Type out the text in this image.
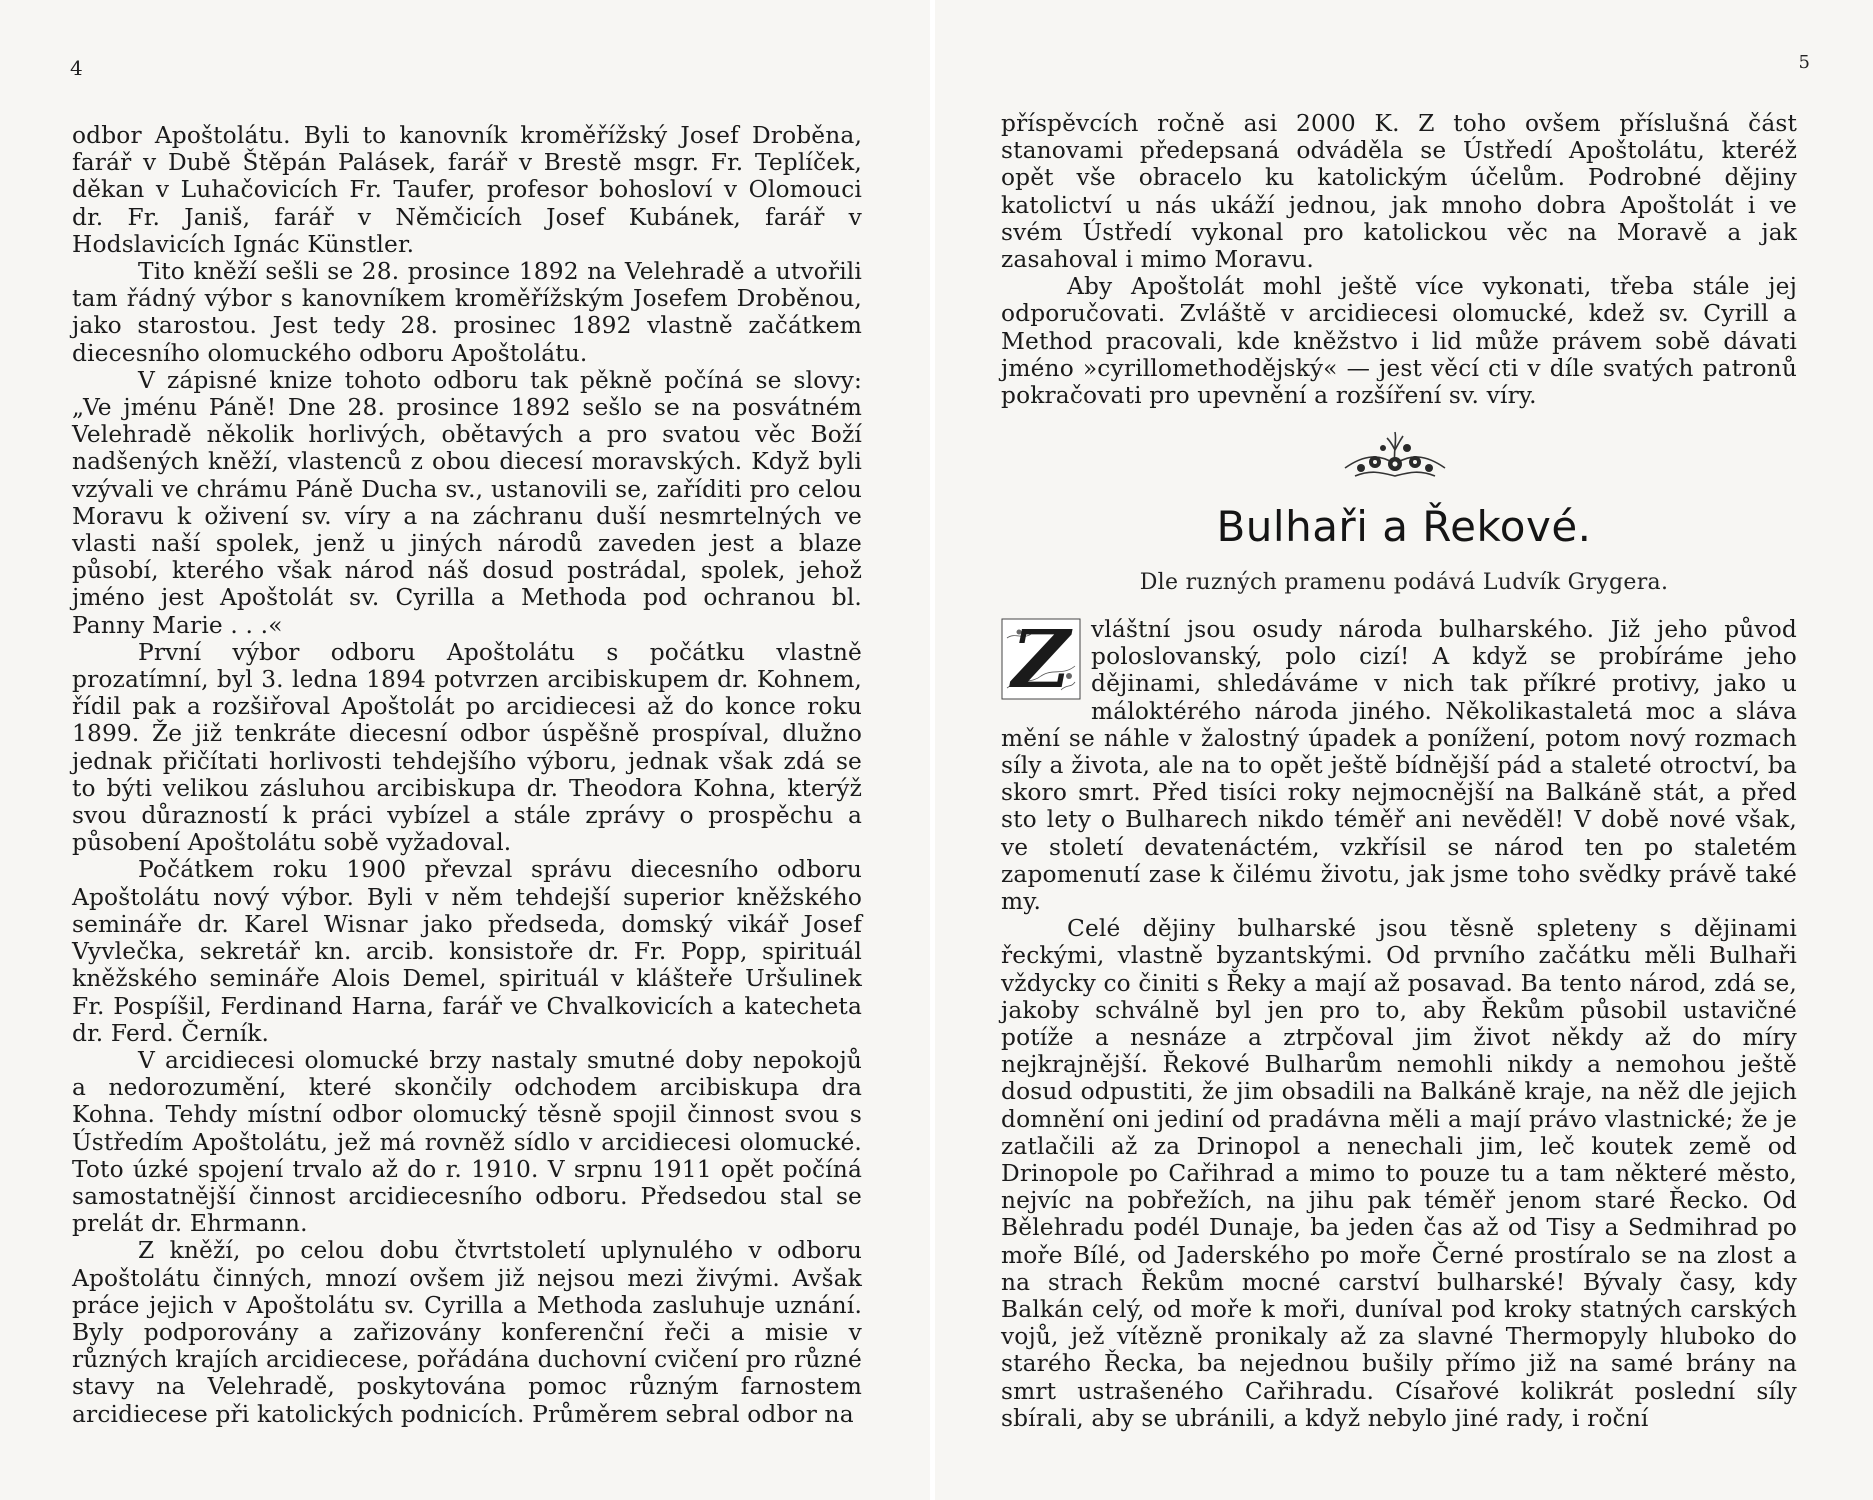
4

odbor Apoštolátu. Byli to kanovník kroměřížský Josef Droběna, farář v Dubě Štěpán Palásek, farář v Brestě msgr. Fr. Teplíček, děkan v Luhačovicích Fr. Taufer, profesor bohosloví v Olomouci dr. Fr. Janiš, farář v Němčicích Josef Kubánek, farář v Hodslavicích Ignác Künstler.

Tito kněží sešli se 28. prosince 1892 na Velehradě a utvořili tam řádný výbor s kanovníkem kroměřížským Josefem Droběnou, jako starostou. Jest tedy 28. prosinec 1892 vlastně začátkem diecesního olomuckého odboru Apoštolátu.

V zápisné knize tohoto odboru tak pěkně počíná se slovy: „Ve jménu Páně! Dne 28. prosince 1892 sešlo se na posvátném Velehradě několik horlivých, obětavých a pro svatou věc Boží nadšených kněží, vlastenců z obou diecesí moravských. Když byli vzývali ve chrámu Páně Ducha sv., ustanovili se, zaříditi pro celou Moravu k oživení sv. víry a na záchranu duší nesmrtelných ve vlasti naší spolek, jenž u jiných národů zaveden jest a blaze působí, kterého však národ náš dosud postrádal, spolek, jehož jméno jest Apoštolát sv. Cyrilla a Methoda pod ochranou bl. Panny Marie . . .«

První výbor odboru Apoštolátu s počátku vlastně prozatímní, byl 3. ledna 1894 potvrzen arcibiskupem dr. Kohnem, řídil pak a rozšiřoval Apoštolát po arcidiecesi až do konce roku 1899. Že již tenkráte diecesní odbor úspěšně prospíval, dlužno jednak přičítati horlivosti tehdejšího výboru, jednak však zdá se to býti velikou zásluhou arcibiskupa dr. Theodora Kohna, kterýž svou důrazností k práci vybízel a stále zprávy o prospěchu a působení Apoštolátu sobě vyžadoval.

Počátkem roku 1900 převzal správu diecesního odboru Apoštolátu nový výbor. Byli v něm tehdejší superior kněžského semináře dr. Karel Wisnar jako předseda, domský vikář Josef Vyvlečka, sekretář kn. arcib. konsistoře dr. Fr. Popp, spirituál kněžského semináře Alois Demel, spirituál v klášteře Uršulinek Fr. Pospíšil, Ferdinand Harna, farář ve Chvalkovicích a katecheta dr. Ferd. Černík.

V arcidiecesi olomucké brzy nastaly smutné doby nepokojů a nedorozumění, které skončily odchodem arcibiskupa dra Kohna. Tehdy místní odbor olomucký těsně spojil činnost svou s Ústředím Apoštolátu, jež má rovněž sídlo v arcidiecesi olomucké. Toto úzké spojení trvalo až do r. 1910. V srpnu 1911 opět počíná samostatnější činnost arcidiecesního odboru. Předsedou stal se prelát dr. Ehrmann.

Z kněží, po celou dobu čtvrtstoletí uplynulého v odboru Apoštolátu činných, mnozí ovšem již nejsou mezi živými. Avšak práce jejich v Apoštolátu sv. Cyrilla a Methoda zasluhuje uznání. Byly podporovány a zařizovány konferenční řeči a misie v různých krajích arcidiecese, pořádána duchovní cvičení pro různé stavy na Velehradě, poskytována pomoc různým farnostem arcidiecese při katolických podnicích. Průměrem sebral odbor na

5

příspěvcích ročně asi 2000 K. Z toho ovšem příslušná část stanovami předepsaná odváděla se Ústředí Apoštolátu, kteréž opět vše obracelo ku katolickým účelům. Podrobné dějiny katolictví u nás ukáží jednou, jak mnoho dobra Apoštolát i ve svém Ústředí vykonal pro katolickou věc na Moravě a jak zasahoval i mimo Moravu.

Aby Apoštolát mohl ještě více vykonati, třeba stále jej odporučovati. Zvláště v arcidiecesi olomucké, kdež sv. Cyrill a Method pracovali, kde kněžstvo i lid může právem sobě dávati jméno »cyrillomethodějský« — jest věcí cti v díle svatých patronů pokračovati pro upevnění a rozšíření sv. víry.

Bulhaři a Řekové.
Dle ruzných pramenu podává Ludvík Grygera.

Z vláštní jsou osudy národa bulharského. Již jeho původ poloslovanský, polo cizí! A když se probíráme jeho dějinami, shledáváme v nich tak příkré protivy, jako u máloktérého národa jiného. Několikastaletá moc a sláva mění se náhle v žalostný úpadek a ponížení, potom nový rozmach síly a života, ale na to opět ještě bídnější pád a staleté otroctví, ba skoro smrt. Před tisíci roky nejmocnější na Balkáně stát, a před sto lety o Bulharech nikdo téměř ani nevěděl! V době nové však, ve století devatenáctém, vzkřísil se národ ten po staletém zapomenutí zase k čilému životu, jak jsme toho svědky právě také my.

Celé dějiny bulharské jsou těsně spleteny s dějinami řeckými, vlastně byzantskými. Od prvního začátku měli Bulhaři vždycky co činiti s Řeky a mají až posavad. Ba tento národ, zdá se, jakoby schválně byl jen pro to, aby Řekům působil ustavičné potíže a nesnáze a ztrpčoval jim život někdy až do míry nejkrajnější. Řekové Bulharům nemohli nikdy a nemohou ještě dosud odpustiti, že jim obsadili na Balkáně kraje, na něž dle jejich domnění oni jediní od pradávna měli a mají právo vlastnické; že je zatlačili až za Drinopol a nenechali jim, leč koutek země od Drinopole po Cařihrad a mimo to pouze tu a tam některé město, nejvíc na pobřežích, na jihu pak téměř jenom staré Řecko. Od Bělehradu podél Dunaje, ba jeden čas až od Tisy a Sedmihrad po moře Bílé, od Jaderského po moře Černé prostíralo se na zlost a na strach Řekům mocné carství bulharské! Bývaly časy, kdy Balkán celý, od moře k moři, duníval pod kroky statných carských vojů, jež vítězně pronikaly až za slavné Thermopyly hluboko do starého Řecka, ba nejednou bušily přímo již na samé brány na smrt ustrašeného Cařihradu. Císařové kolikrát poslední síly sbírali, aby se ubránili, a když nebylo jiné rady, i roční
